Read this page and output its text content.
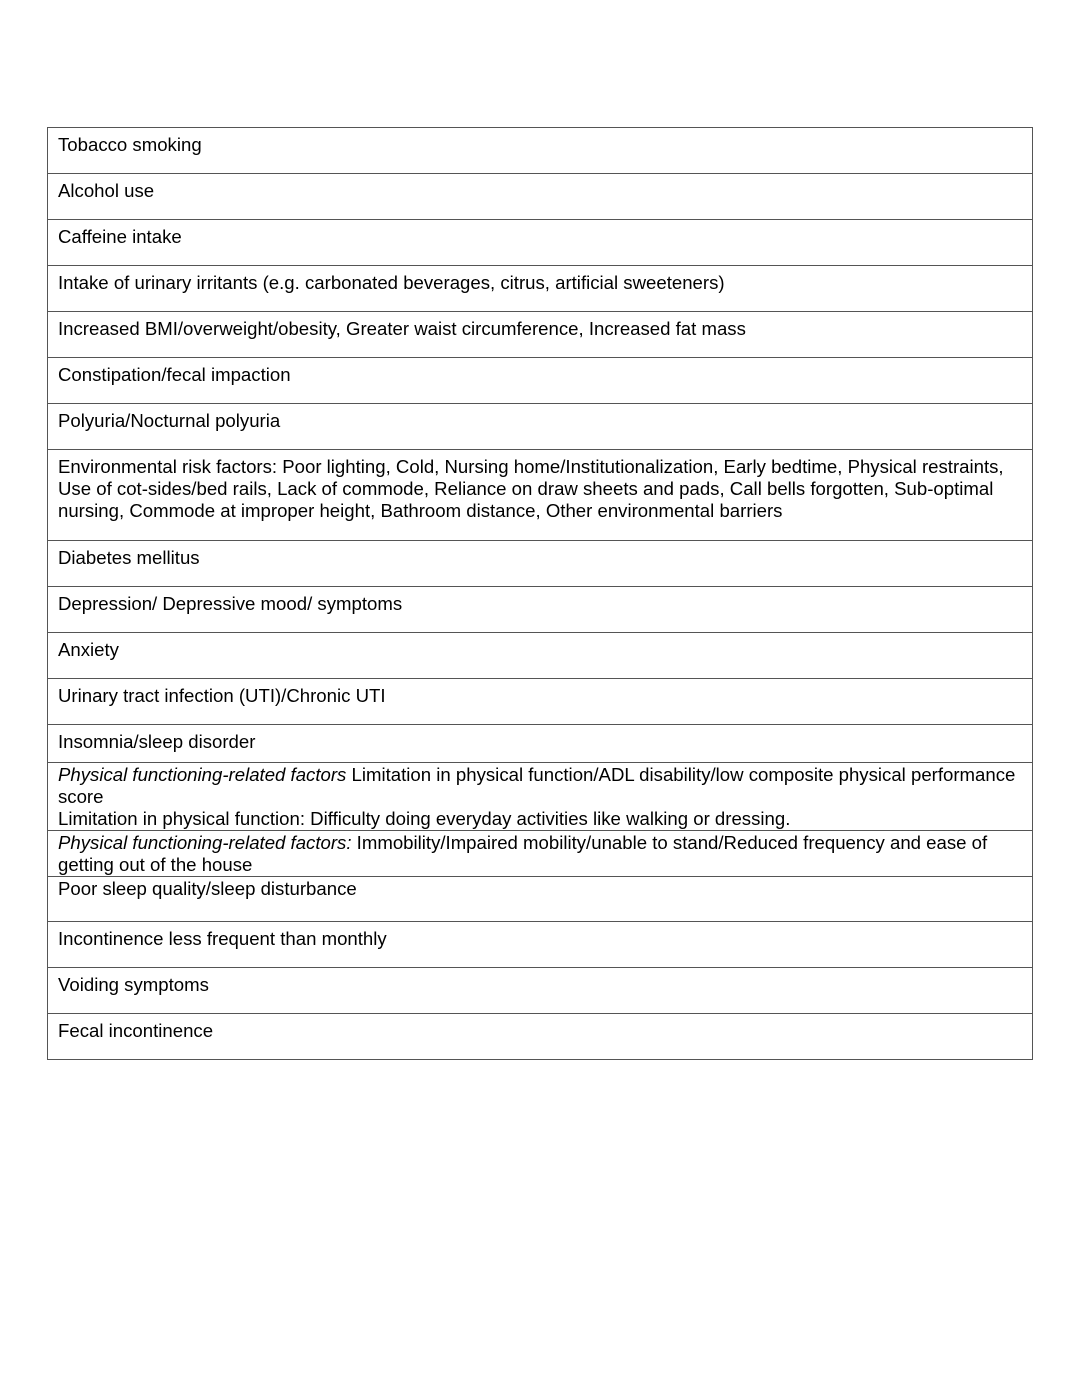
Tobacco smoking
Alcohol use
Caffeine intake
Intake of urinary irritants (e.g. carbonated beverages, citrus, artificial sweeteners)
Increased BMI/overweight/obesity, Greater waist circumference, Increased fat mass
Constipation/fecal impaction
Polyuria/Nocturnal polyuria
Environmental risk factors: Poor lighting, Cold, Nursing home/Institutionalization, Early bedtime, Physical restraints, Use of cot-sides/bed rails, Lack of commode, Reliance on draw sheets and pads, Call bells forgotten, Sub-optimal nursing, Commode at improper height, Bathroom distance, Other environmental barriers
Diabetes mellitus
Depression/ Depressive mood/ symptoms
Anxiety
Urinary tract infection (UTI)/Chronic UTI
Insomnia/sleep disorder
Physical functioning-related factors Limitation in physical function/ADL disability/low composite physical performance score
Limitation in physical function: Difficulty doing everyday activities like walking or dressing.

Physical functioning-related factors: Immobility/Impaired mobility/unable to stand/Reduced frequency and ease of getting out of the house
Poor sleep quality/sleep disturbance
Incontinence less frequent than monthly
Voiding symptoms
Fecal incontinence
